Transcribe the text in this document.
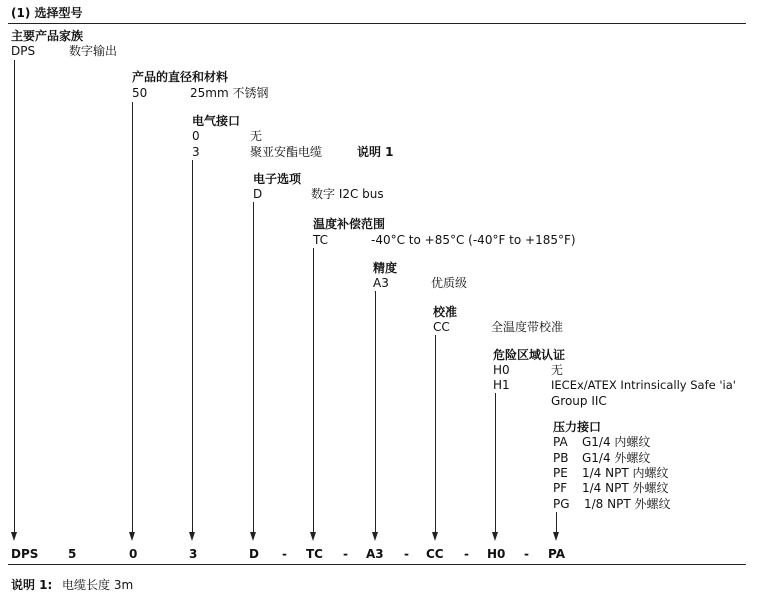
(1) 选择型号
主要产品家族
DPS	数字输出
产品的直径和材料
50	25mm 不锈钢
电气接口
0	无
3	聚亚安酯电缆	说明 1
电子选项
D	数字 I2C bus
温度补偿范围
TC	-40°C to +85°C (-40°F to +185°F)
精度
A3	优质级
校准
CC	全温度带校准
危险区域认证
H0	无
H1	IECEx/ATEX Intrinsically Safe 'ia'
Group IIC
压力接口
PA G1/4 内螺纹
PB G1/4 外螺纹
PE 1/4 NPT 内螺纹
PF 1/4 NPT 外螺纹
PG 1/8 NPT 外螺纹
DPS 5	0	3	D - TC - A3 - CC - H0 - PA
说明 1: 电缆长度 3m
